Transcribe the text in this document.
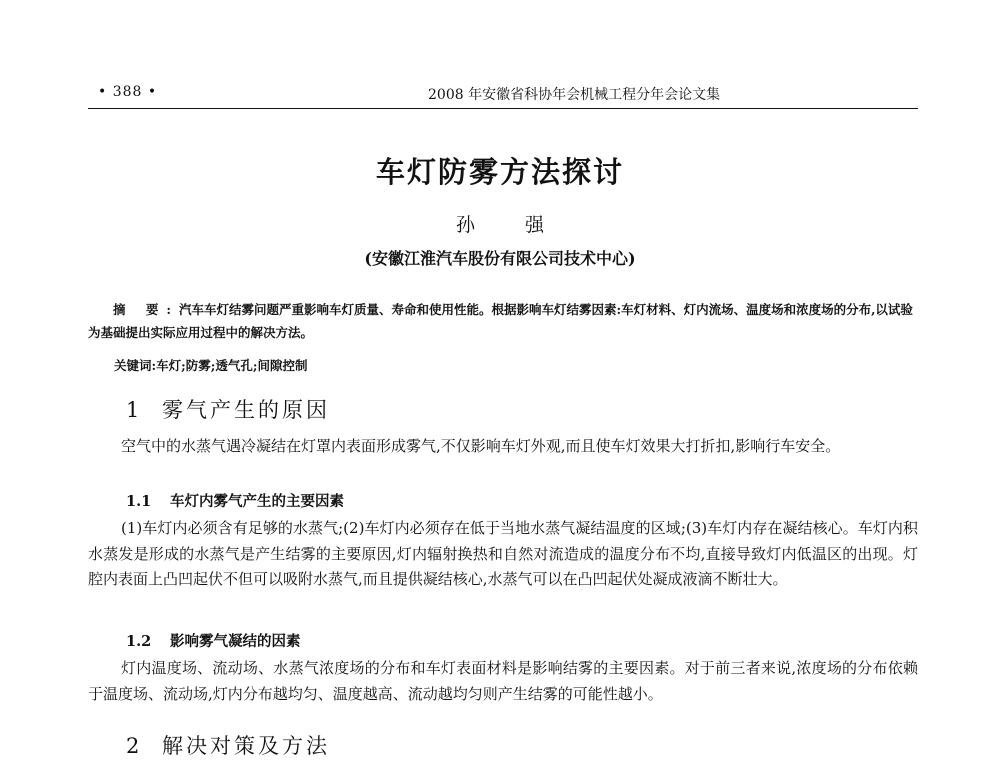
• 388 •	2008 年安徽省科协年会机械工程分年会论文集
车灯防雾方法探讨
孙 强
(安徽江淮汽车股份有限公司技术中心)

摘 要:汽车车灯结雾问题严重影响车灯质量、寿命和使用性能。根据影响车灯结雾因素:车灯材料、灯内流场、温度场和浓度场的分布,以试验为基础提出实际应用过程中的解决方法。

关键词:车灯;防雾;透气孔;间隙控制
1 雾气产生的原因
空气中的水蒸气遇冷凝结在灯罩内表面形成雾气,不仅影响车灯外观,而且使车灯效果大打折扣,影响行车安全。
1.1 车灯内雾气产生的主要因素
(1)车灯内必须含有足够的水蒸气;(2)车灯内必须存在低于当地水蒸气凝结温度的区域;(3)车灯内存在凝结核心。车灯内积水蒸发是形成的水蒸气是产生结雾的主要原因,灯内辐射换热和自然对流造成的温度分布不均,直接导致灯内低温区的出现。灯腔内表面上凸凹起伏不但可以吸附水蒸气,而且提供凝结核心,水蒸气可以在凸凹起伏处凝成液滴不断壮大。
1.2 影响雾气凝结的因素
灯内温度场、流动场、水蒸气浓度场的分布和车灯表面材料是影响结雾的主要因素。对于前三者来说,浓度场的分布依赖于温度场、流动场,灯内分布越均匀、温度越高、流动越均匀则产生结雾的可能性越小。
2 解决对策及方法
